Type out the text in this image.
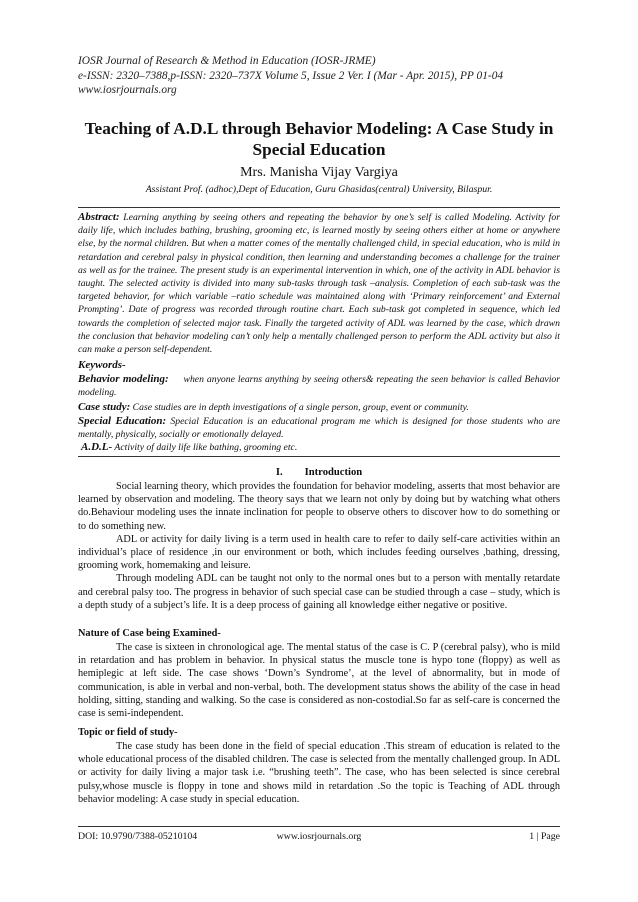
IOSR Journal of Research & Method in Education (IOSR-JRME)
e-ISSN: 2320–7388,p-ISSN: 2320–737X Volume 5, Issue 2 Ver. I (Mar - Apr. 2015), PP 01-04
www.iosrjournals.org
Teaching of A.D.L through Behavior Modeling: A Case Study in Special Education
Mrs. Manisha Vijay Vargiya
Assistant Prof. (adhoc),Dept of Education, Guru Ghasidas(central) University, Bilaspur.
Abstract: Learning anything by seeing others and repeating the behavior by one’s self is called Modeling. Activity for daily life, which includes bathing, brushing, grooming etc, is learned mostly by seeing others either at home or anywhere else, by the normal children. But when a matter comes of the mentally challenged child, in special education, who is mild in retardation and cerebral palsy in physical condition, then learning and understanding becomes a challenge for the trainer as well as for the trainee. The present study is an experimental intervention in which, one of the activity in ADL behavior is taught. The selected activity is divided into many sub-tasks through task –analysis. Completion of each sub-task was the targeted behavior, for which variable –ratio schedule was maintained along with ‘Primary reinforcement’ and External Prompting’. Date of progress was recorded through routine chart. Each sub-task got completed in sequence, which led towards the completion of selected major task. Finally the targeted activity of ADL was learned by the case, which drawn the conclusion that behavior modeling can’t only help a mentally challenged person to perform the ADL activity but also it can make a person self-dependent.
Keywords-
Behavior modeling: when anyone learns anything by seeing others& repeating the seen behavior is called Behavior modeling.
Case study: Case studies are in depth investigations of a single person, group, event or community.
Special Education: Special Education is an educational program me which is designed for those students who are mentally, physically, socially or emotionally delayed.
A.D.L- Activity of daily life like bathing, grooming etc.
I. Introduction

Social learning theory, which provides the foundation for behavior modeling, asserts that most behavior are learned by observation and modeling. The theory says that we learn not only by doing but by watching what others do.Behaviour modeling uses the innate inclination for people to observe others to discover how to do something or to do something new.

ADL or activity for daily living is a term used in health care to refer to daily self-care activities within an individual’s place of residence ,in our environment or both, which includes feeding ourselves ,bathing, dressing, grooming work, homemaking and leisure.

Through modeling ADL can be taught not only to the normal ones but to a person with mentally retardate and cerebral palsy too. The progress in behavior of such special case can be studied through a case – study, which is a depth study of a subject’s life. It is a deep process of gaining all knowledge either negative or positive.

Nature of Case being Examined-

The case is sixteen in chronological age. The mental status of the case is C. P (cerebral palsy), who is mild in retardation and has problem in behavior. In physical status the muscle tone is hypo tone (floppy) as well as hemiplegic at left side. The case shows ‘Down’s Syndrome’, at the level of abnormality, but in mode of communication, is able in verbal and non-verbal, both. The development status shows the ability of the case in head holding, sitting, standing and walking. So the case is considered as non-costodial.So far as self-care is concerned the case is semi-independent.

Topic or field of study-

The case study has been done in the field of special education .This stream of education is related to the whole educational process of the disabled children. The case is selected from the mentally challenged group. In ADL or activity for daily living a major task i.e. “brushing teeth”. The case, who has been selected is since cerebral pulsy,whose muscle is floppy in tone and shows mild in retardation .So the topic is Teaching of ADL through behavior modeling: A case study in special education.

DOI: 10.9790/7388-05210104	www.iosrjournals.org	1 | Page
